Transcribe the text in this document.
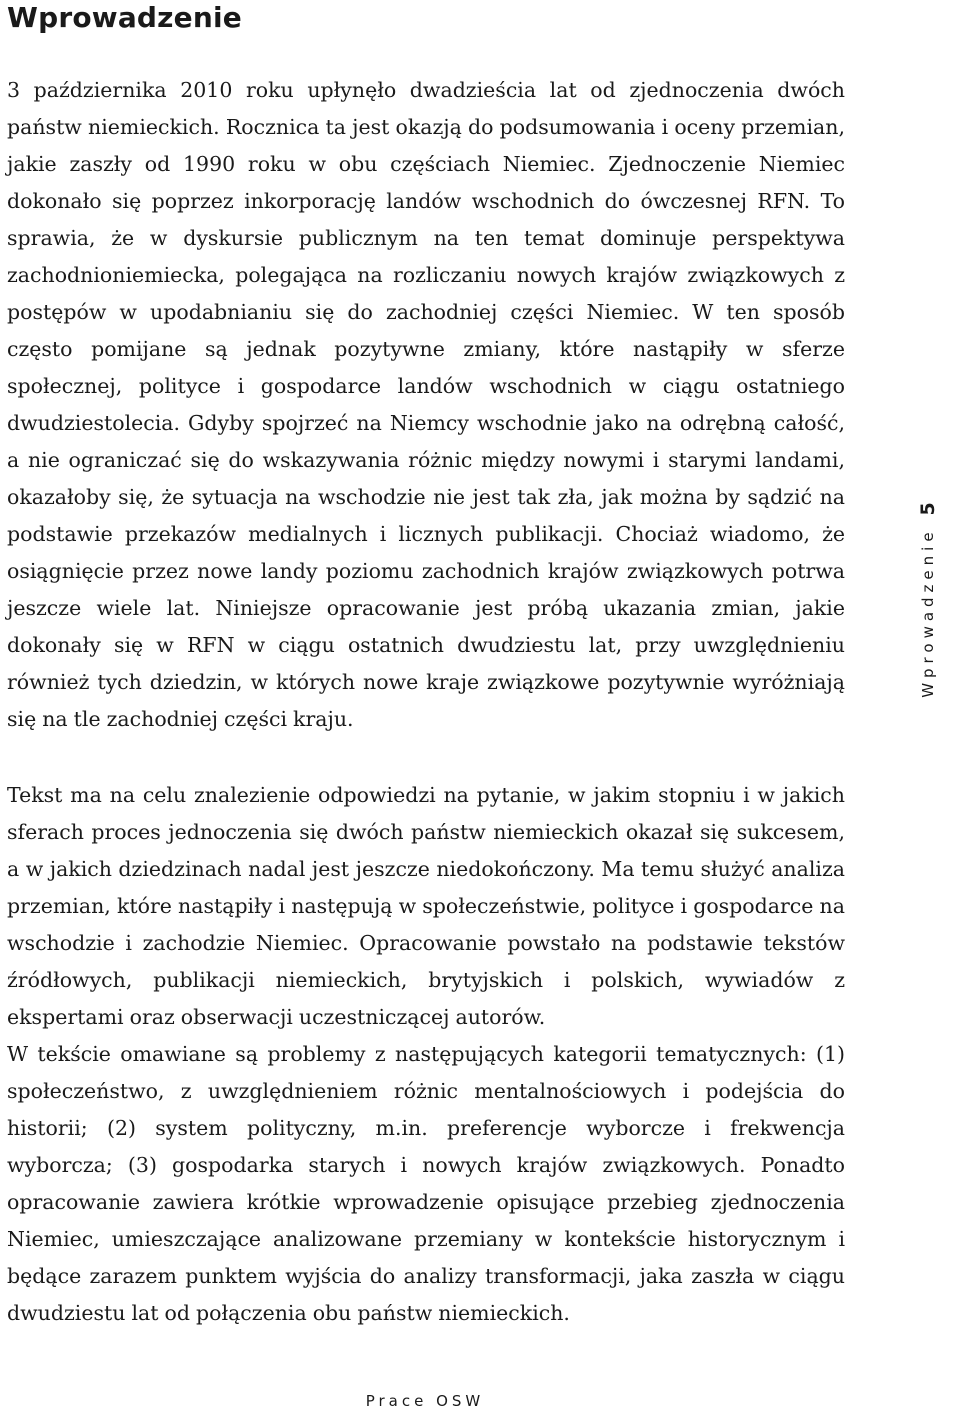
Wprowadzenie

3 października 2010 roku upłynęło dwadzieścia lat od zjednoczenia dwóch państw niemieckich. Rocznica ta jest okazją do podsumowania i oceny przemian, jakie zaszły od 1990 roku w obu częściach Niemiec. Zjednoczenie Niemiec dokonało się poprzez inkorporację landów wschodnich do ówczesnej RFN. To sprawia, że w dyskursie publicznym na ten temat dominuje perspektywa zachodnioniemiecka, polegająca na rozliczaniu nowych krajów związkowych z postępów w upodabnianiu się do zachodniej części Niemiec. W ten sposób często pomijane są jednak pozytywne zmiany, które nastąpiły w sferze społecznej, polityce i gospodarce landów wschodnich w ciągu ostatniego dwudziestolecia. Gdyby spojrzeć na Niemcy wschodnie jako na odrębną całość, a nie ograniczać się do wskazywania różnic między nowymi i starymi landami, okazałoby się, że sytuacja na wschodzie nie jest tak zła, jak można by sądzić na podstawie przekazów medialnych i licznych publikacji. Chociaż wiadomo, że osiągnięcie przez nowe landy poziomu zachodnich krajów związkowych potrwa jeszcze wiele lat. Niniejsze opracowanie jest próbą ukazania zmian, jakie dokonały się w RFN w ciągu ostatnich dwudziestu lat, przy uwzględnieniu również tych dziedzin, w których nowe kraje związkowe pozytywnie wyróżniają się na tle zachodniej części kraju.

Tekst ma na celu znalezienie odpowiedzi na pytanie, w jakim stopniu i w jakich sferach proces jednoczenia się dwóch państw niemieckich okazał się sukcesem, a w jakich dziedzinach nadal jest jeszcze niedokończony. Ma temu służyć analiza przemian, które nastąpiły i następują w społeczeństwie, polityce i gospodarce na wschodzie i zachodzie Niemiec. Opracowanie powstało na podstawie tekstów źródłowych, publikacji niemieckich, brytyjskich i polskich, wywiadów z ekspertami oraz obserwacji uczestniczącej autorów.

W tekście omawiane są problemy z następujących kategorii tematycznych: (1) społeczeństwo, z uwzględnieniem różnic mentalnościowych i podejścia do historii; (2) system polityczny, m.in. preferencje wyborcze i frekwencja wyborcza; (3) gospodarka starych i nowych krajów związkowych. Ponadto opracowanie zawiera krótkie wprowadzenie opisujące przebieg zjednoczenia Niemiec, umieszczające analizowane przemiany w kontekście historycznym i będące zarazem punktem wyjścia do analizy transformacji, jaka zaszła w ciągu dwudziestu lat od połączenia obu państw niemieckich.

Wprowadzenie
5
Prace OSW
